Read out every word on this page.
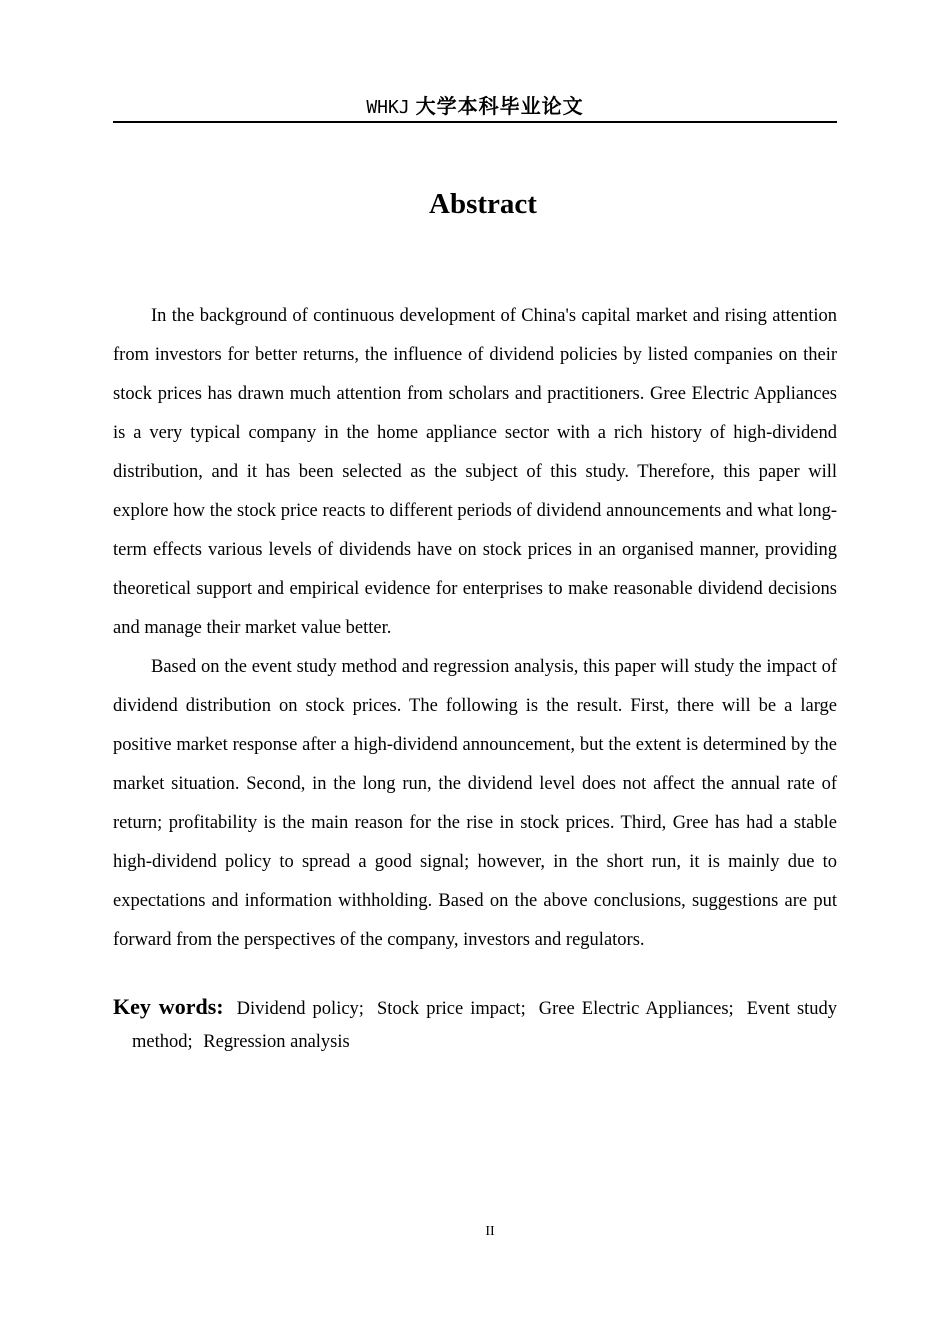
WHKJ 大学本科毕业论文
Abstract

In the background of continuous development of China's capital market and rising attention from investors for better returns, the influence of dividend policies by listed companies on their stock prices has drawn much attention from scholars and practitioners. Gree Electric Appliances is a very typical company in the home appliance sector with a rich history of high-dividend distribution, and it has been selected as the subject of this study. Therefore, this paper will explore how the stock price reacts to different periods of dividend announcements and what long-term effects various levels of dividends have on stock prices in an organised manner, providing theoretical support and empirical evidence for enterprises to make reasonable dividend decisions and manage their market value better.

Based on the event study method and regression analysis, this paper will study the impact of dividend distribution on stock prices. The following is the result. First, there will be a large positive market response after a high-dividend announcement, but the extent is determined by the market situation. Second, in the long run, the dividend level does not affect the annual rate of return; profitability is the main reason for the rise in stock prices. Third, Gree has had a stable high-dividend policy to spread a good signal; however, in the short run, it is mainly due to expectations and information withholding. Based on the above conclusions, suggestions are put forward from the perspectives of the company, investors and regulators.

Key words: Dividend policy; Stock price impact; Gree Electric Appliances; Event study method; Regression analysis
II
